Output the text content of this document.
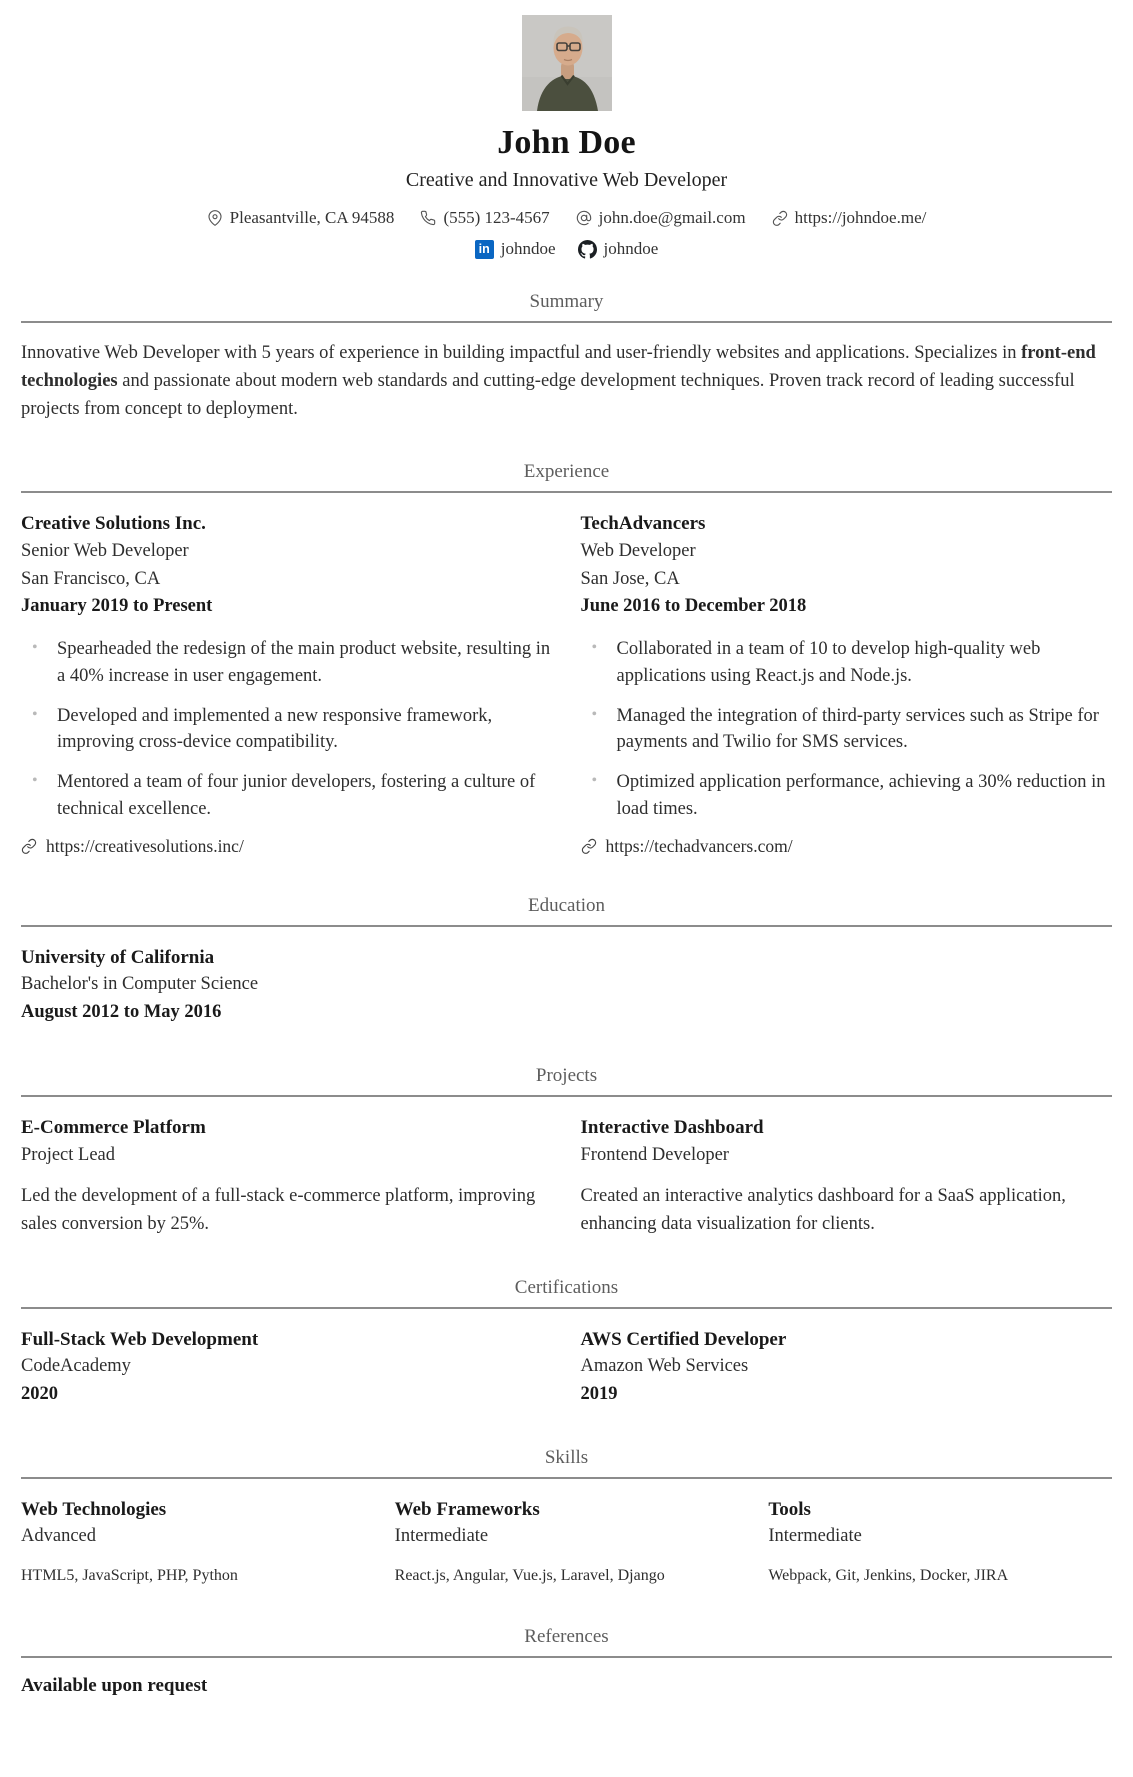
John Doe
Creative and Innovative Web Developer
Pleasantville, CA 94588	(555) 123-4567	john.doe@gmail.com	https://johndoe.me/
in johndoe	johndoe
Summary

Innovative Web Developer with 5 years of experience in building impactful and user-friendly websites and applications. Specializes in front-end technologies and passionate about modern web standards and cutting-edge development techniques. Proven track record of leading successful projects from concept to deployment.

Experience
Creative Solutions Inc.
Senior Web Developer
San Francisco, CA
January 2019 to Present
• Spearheaded the redesign of the main product website, resulting in a 40% increase in user engagement.
• Developed and implemented a new responsive framework, improving cross-device compatibility.
• Mentored a team of four junior developers, fostering a culture of technical excellence.
https://creativesolutions.inc/
TechAdvancers
Web Developer
San Jose, CA
June 2016 to December 2018
• Collaborated in a team of 10 to develop high-quality web applications using React.js and Node.js.
• Managed the integration of third-party services such as Stripe for payments and Twilio for SMS services.
• Optimized application performance, achieving a 30% reduction in load times.
https://techadvancers.com/
Education
University of California
Bachelor's in Computer Science
August 2012 to May 2016
Projects
E-Commerce Platform
Project Lead

Led the development of a full-stack e-commerce platform, improving sales conversion by 25%.

Interactive Dashboard
Frontend Developer

Created an interactive analytics dashboard for a SaaS application, enhancing data visualization for clients.

Certifications
Full-Stack Web Development
CodeAcademy
2020
AWS Certified Developer
Amazon Web Services
2019
Skills
Web Technologies
Advanced
HTML5, JavaScript, PHP, Python
Web Frameworks
Intermediate
React.js, Angular, Vue.js, Laravel, Django
Tools
Intermediate
Webpack, Git, Jenkins, Docker, JIRA
References
Available upon request
